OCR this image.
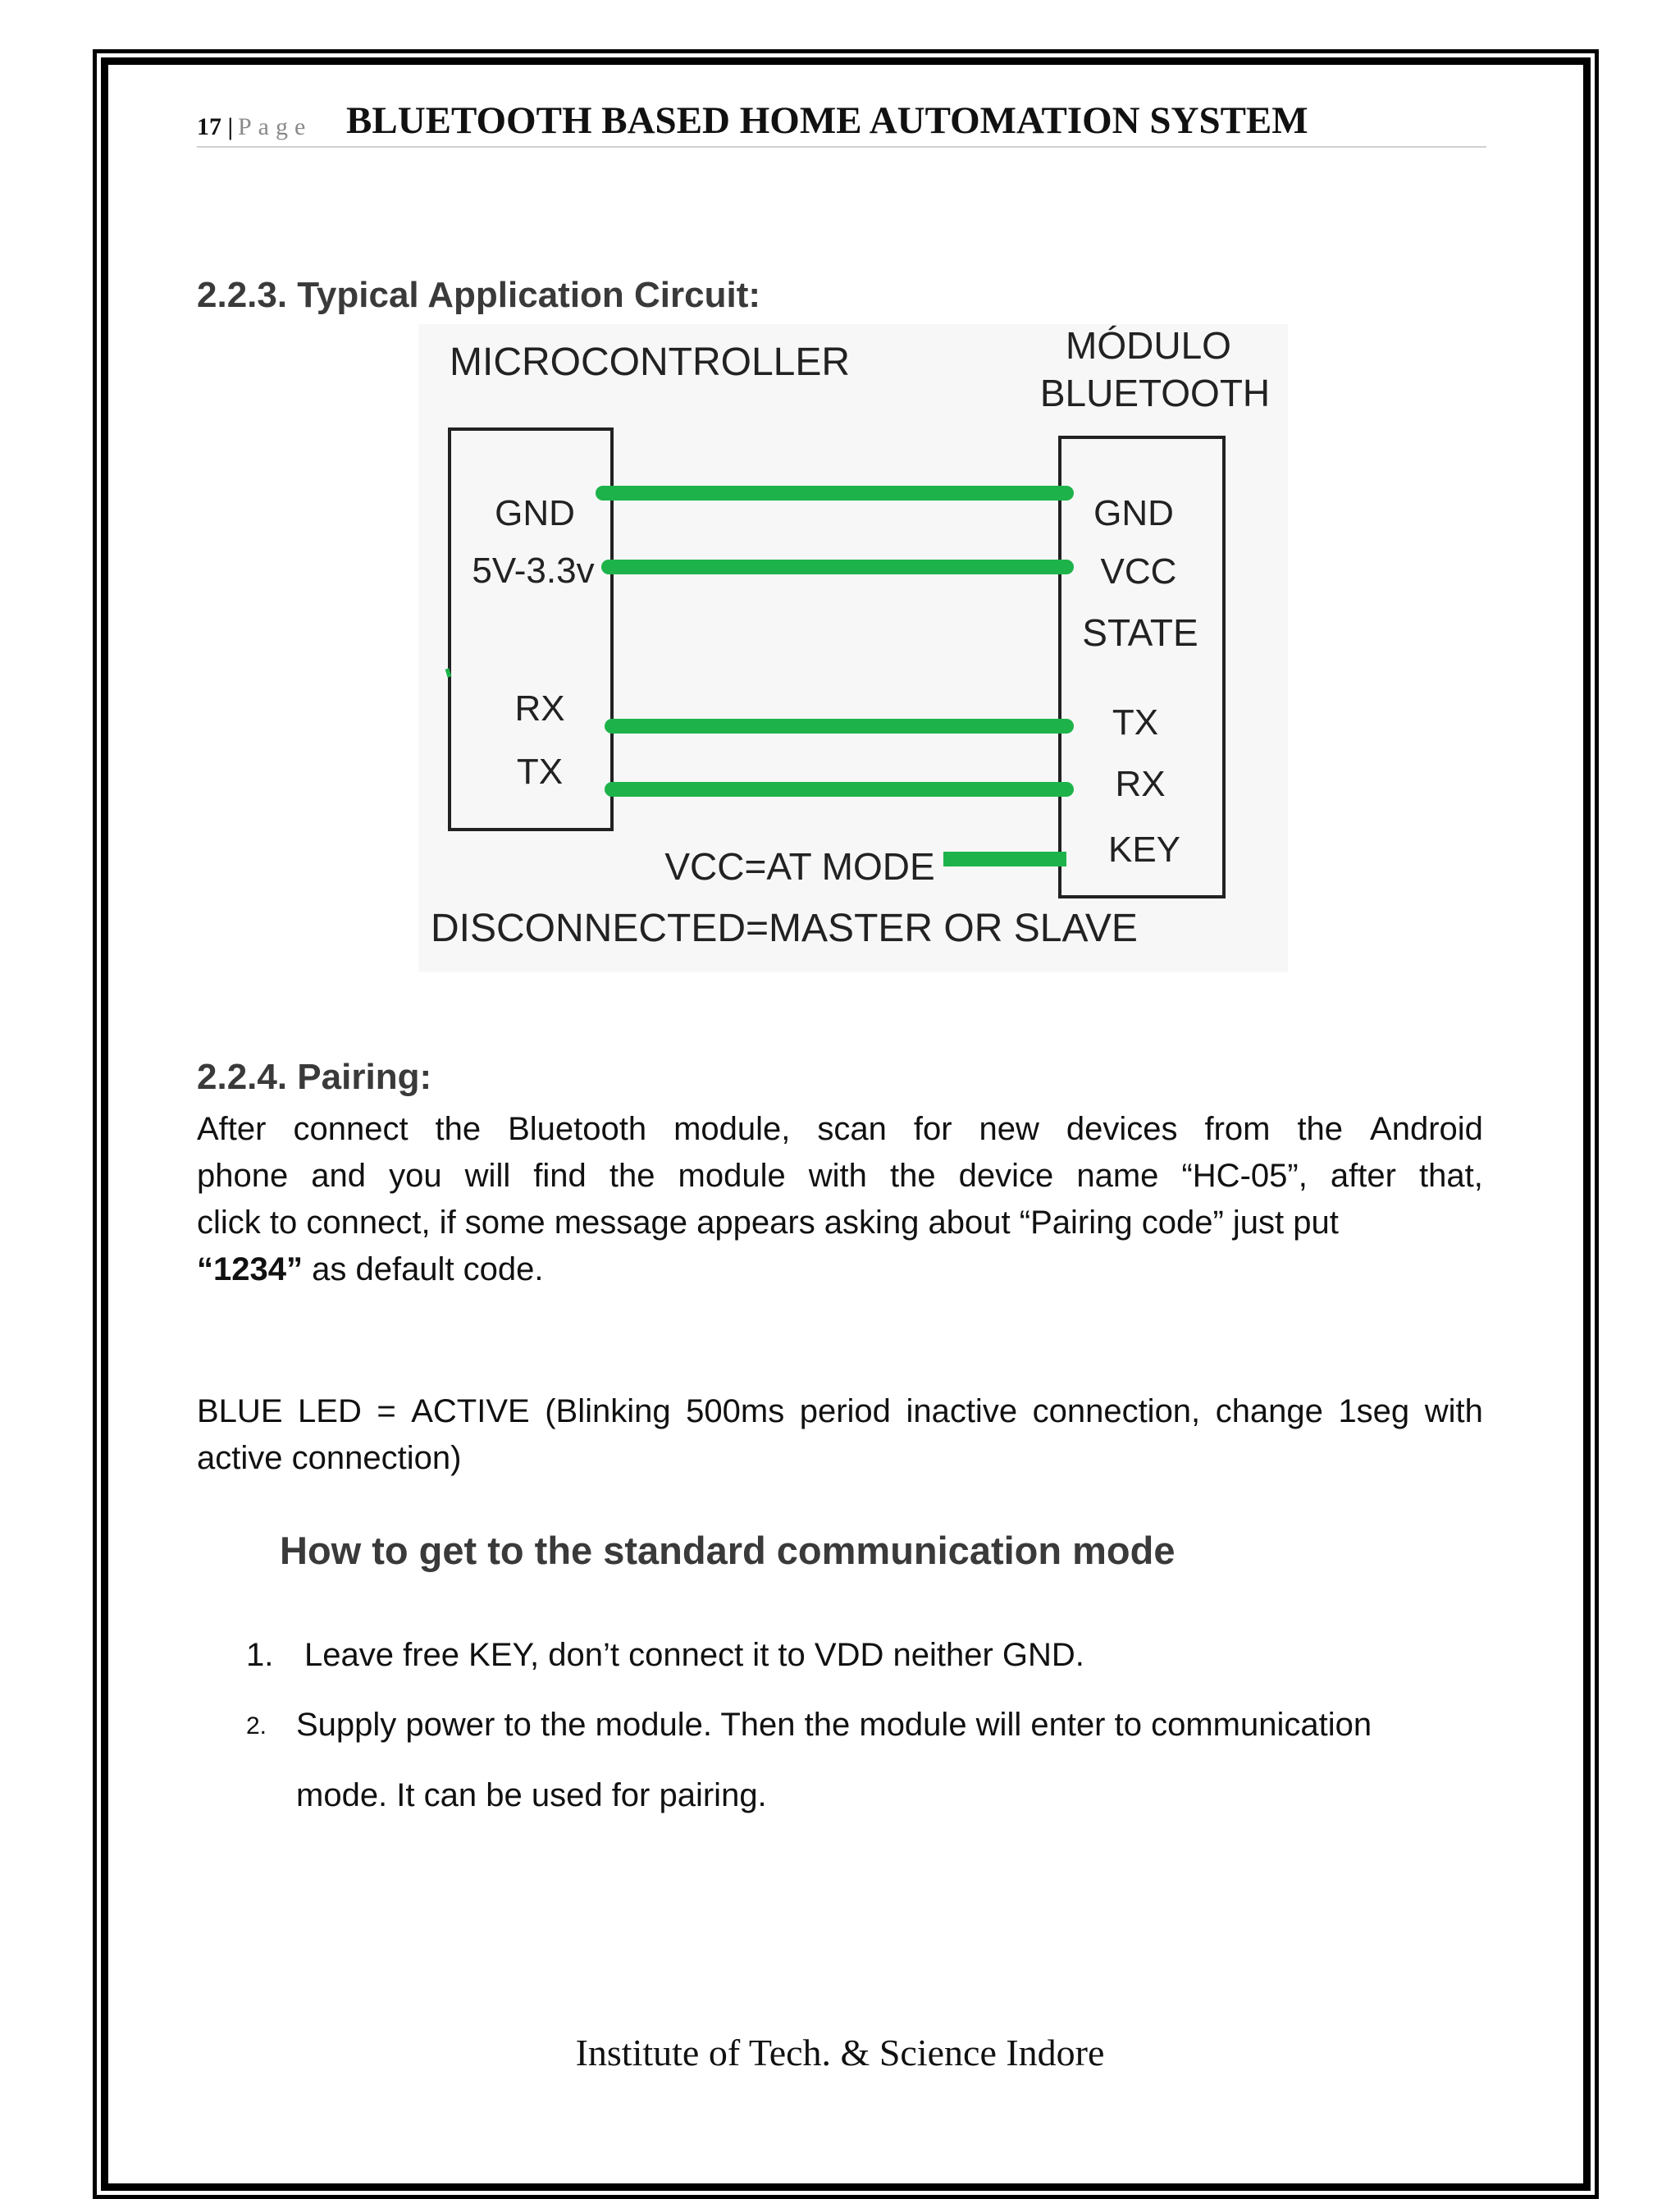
17 | Page BLUETOOTH BASED HOME AUTOMATION SYSTEM
2.2.3. Typical Application Circuit:
MICROCONTROLLER	MÓDULO
BLUETOOTH
GND
5V-3.3v
RX
TX
GND
VCC
STATE
TX
RX
KEY
VCC=AT MODE
DISCONNECTED=MASTER OR SLAVE
2.2.4. Pairing:
After connect the Bluetooth module, scan for new devices from the Android
phone and you will find the module with the device name “HC-05”, after that,
click to connect, if some message appears asking about “Pairing code” just put
“1234” as default code.
BLUE LED = ACTIVE (Blinking 500ms period inactive connection, change 1seg with
active connection)
How to get to the standard communication mode
1. Leave free KEY, don’t connect it to VDD neither GND.
2. Supply power to the module. Then the module will enter to communication
mode. It can be used for pairing.
Institute of Tech. & Science Indore
